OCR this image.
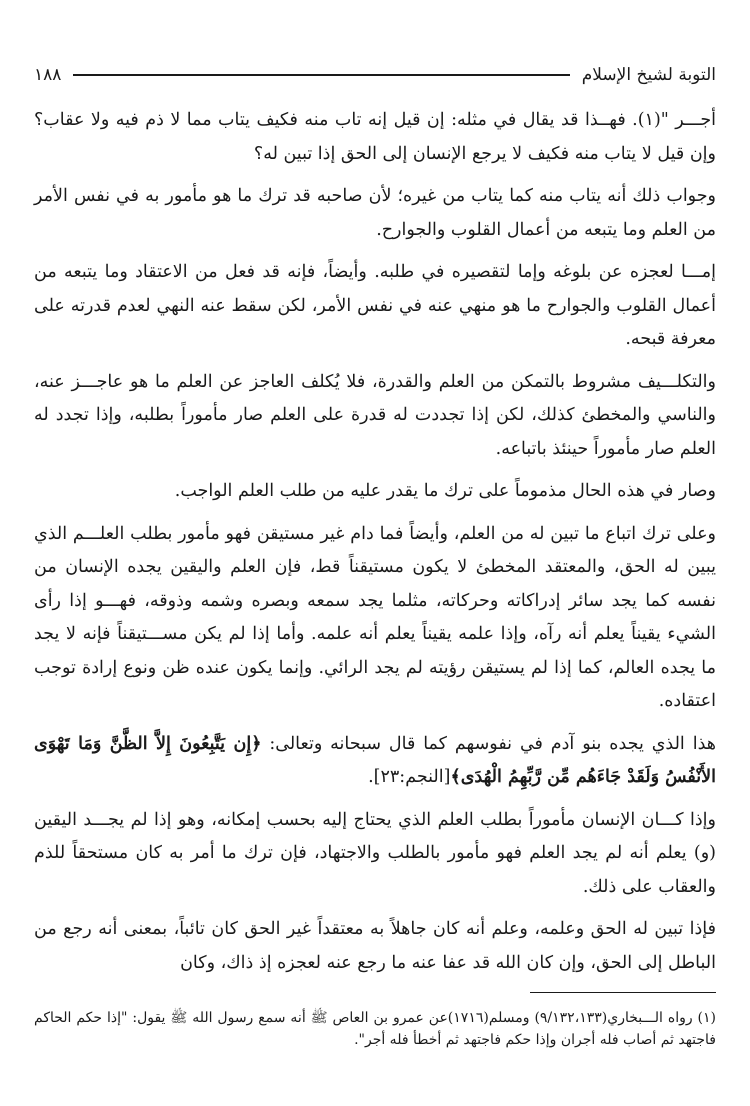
التوبة لشيخ الإسلام
١٨٨

أجـــر "(١). فهــذا قد يقال في مثله: إن قيل إنه تاب منه فكيف يتاب مما لا ذم فيه ولا عقاب؟ وإن قيل لا يتاب منه فكيف لا يرجع الإنسان إلى الحق إذا تبين له؟

وجواب ذلك أنه يتاب منه كما يتاب من غيره؛ لأن صاحبه قد ترك ما هو مأمور به في نفس الأمر من العلم وما يتبعه من أعمال القلوب والجوارح.

إمـــا لعجزه عن بلوغه وإما لتقصيره في طلبه. وأيضاً، فإنه قد فعل من الاعتقاد وما يتبعه من أعمال القلوب والجوارح ما هو منهي عنه في نفس الأمر، لكن سقط عنه النهي لعدم قدرته على معرفة قبحه.

والتكلـــيف مشروط بالتمكن من العلم والقدرة، فلا يُكلف العاجز عن العلم ما هو عاجـــز عنه، والناسي والمخطئ كذلك، لكن إذا تجددت له قدرة على العلم صار مأموراً بطلبه، وإذا تجدد له العلم صار مأموراً حينئذ باتباعه.

وصار في هذه الحال مذموماً على ترك ما يقدر عليه من طلب العلم الواجب.

وعلى ترك اتباع ما تبين له من العلم، وأيضاً فما دام غير مستيقن فهو مأمور بطلب العلـــم الذي يبين له الحق، والمعتقد المخطئ لا يكون مستيقناً قط، فإن العلم واليقين يجده الإنسان من نفسه كما يجد سائر إدراكاته وحركاته، مثلما يجد سمعه وبصره وشمه وذوقه، فهـــو إذا رأى الشيء يقيناً يعلم أنه رآه، وإذا علمه يقيناً يعلم أنه علمه. وأما إذا لم يكن مســـتيقناً فإنه لا يجد ما يجده العالم، كما إذا لم يستيقن رؤيته لم يجد الرائي. وإنما يكون عنده ظن ونوع إرادة توجب اعتقاده.

هذا الذي يجده بنو آدم في نفوسهم كما قال سبحانه وتعالى: ﴿إِن يَتَّبِعُونَ إِلاَّ الظَّنَّ وَمَا تَهْوَى الأَنْفُسُ وَلَقَدْ جَاءَهُم مِّن رَّبِّهِمُ الْهُدَى﴾[النجم:٢٣].

وإذا كـــان الإنسان مأموراً بطلب العلم الذي يحتاج إليه بحسب إمكانه، وهو إذا لم يجـــد اليقين (و) يعلم أنه لم يجد العلم فهو مأمور بالطلب والاجتهاد، فإن ترك ما أمر به كان مستحقاً للذم والعقاب على ذلك.

فإذا تبين له الحق وعلمه، وعلم أنه كان جاهلاً به معتقداً غير الحق كان تائباً، بمعنى أنه رجع من الباطل إلى الحق، وإن كان الله قد عفا عنه ما رجع عنه لعجزه إذ ذاك، وكان

(١) رواه الـــبخاري(٩/١٣٢،١٣٣) ومسلم(١٧١٦)عن عمرو بن العاص ﷺ أنه سمع رسول الله ﷺ يقول: "إذا حكم الحاكم فاجتهد ثم أصاب فله أجران وإذا حكم فاجتهد ثم أخطأ فله أجر".
